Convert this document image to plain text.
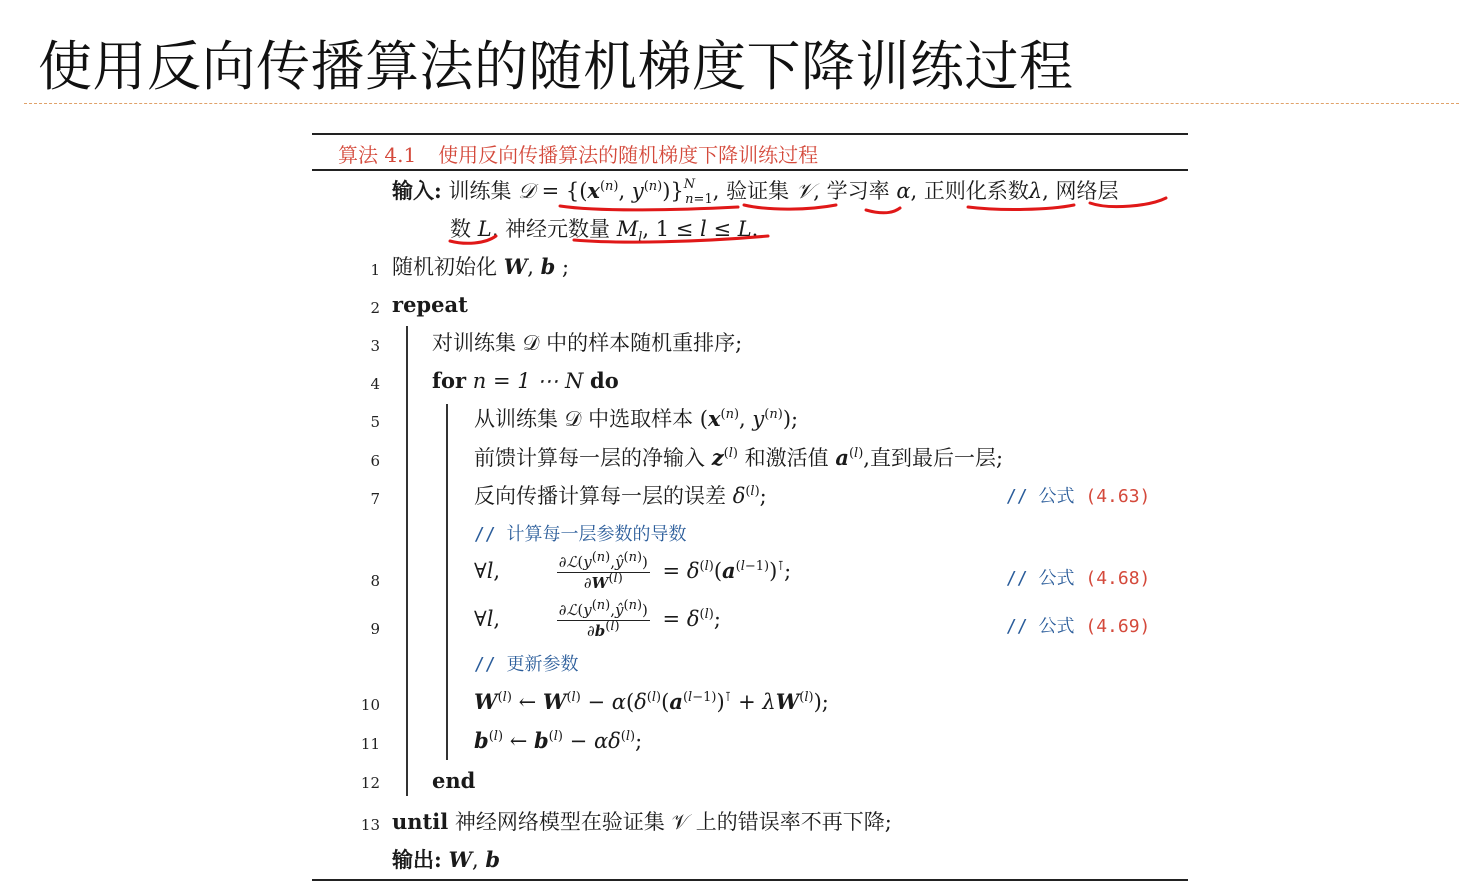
使用反向传播算法的随机梯度下降训练过程
算法 4.1 使用反向传播算法的随机梯度下降训练过程
输入: 训练集 𝒟 = {($x^{(n)}$, $y^{(n)})\}^N_{n=1}$, 验证集 𝒱, 学习率 α, 正则化系数λ, 网络层
数 L, 神经元数量 $M_l$, 1 ≤ l ≤ L.
1
2
3
4
5
6
7
8
9
10
11
12
13
随机初始化 W, b ;
repeat
对训练集 𝒟 中的样本随机重排序;
for n = 1 ⋯ N do
从训练集 𝒟 中选取样本 ($x^{(n)}$, $y^{(n)}$);
前馈计算每一层的净输入 $z^{(l)}$ 和激活值 $a^{(l)}$,直到最后一层;
反向传播计算每一层的误差 $\delta^{(l)}$;	// 公式 (4.63)
// 计算每一层参数的导数
∀l,	$\frac{\partial ℒ(y^{(n)},ŷ^{(n)})}{\partial W^{(l)}} = \delta^{(l)}(a^{(l-1)})^⊺$;	// 公式 (4.68)
∀l,	$\frac{\partial ℒ(y^{(n)},ŷ^{(n)})}{\partial b^{(l)}} = \delta^{(l)}$;	// 公式 (4.69)
// 更新参数
$W^{(l)}$ ← $W^{(l)} - \alpha(\delta^{(l)}(a^{(l-1)})^⊺ + \lambda W^{(l)})$;
$b^{(l)}$ ← $b^{(l)} - \alpha\delta^{(l)}$;
end
until 神经网络模型在验证集 𝒱 上的错误率不再下降;
输出: W, b
